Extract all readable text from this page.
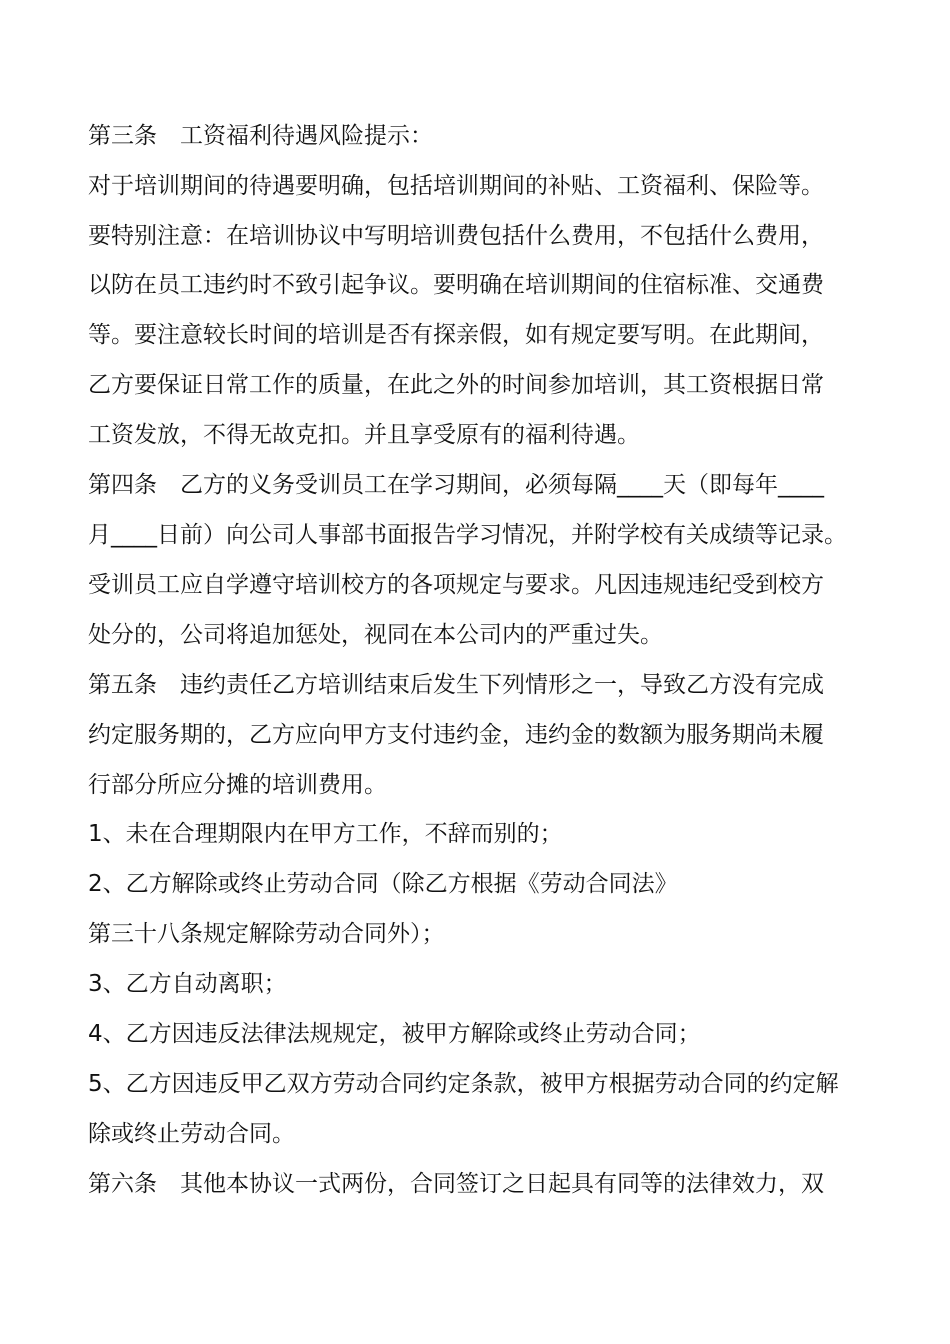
第三条　工资福利待遇风险提示：

对于培训期间的待遇要明确，包括培训期间的补贴、工资福利、保险等。

要特别注意：在培训协议中写明培训费包括什么费用，不包括什么费用，

以防在员工违约时不致引起争议。要明确在培训期间的住宿标准、交通费

等。要注意较长时间的培训是否有探亲假，如有规定要写明。在此期间，

乙方要保证日常工作的质量，在此之外的时间参加培训，其工资根据日常

工资发放，不得无故克扣。并且享受原有的福利待遇。

第四条　乙方的义务受训员工在学习期间，必须每隔____天（即每年____

月____日前）向公司人事部书面报告学习情况，并附学校有关成绩等记录。

受训员工应自学遵守培训校方的各项规定与要求。凡因违规违纪受到校方

处分的，公司将追加惩处，视同在本公司内的严重过失。

第五条　违约责任乙方培训结束后发生下列情形之一，导致乙方没有完成

约定服务期的，乙方应向甲方支付违约金，违约金的数额为服务期尚未履

行部分所应分摊的培训费用。

1、未在合理期限内在甲方工作，不辞而别的；

2、乙方解除或终止劳动合同（除乙方根据《劳动合同法》

第三十八条规定解除劳动合同外）；

3、乙方自动离职；

4、乙方因违反法律法规规定，被甲方解除或终止劳动合同；

5、乙方因违反甲乙双方劳动合同约定条款，被甲方根据劳动合同的约定解

除或终止劳动合同。

第六条　其他本协议一式两份，合同签订之日起具有同等的法律效力，双
